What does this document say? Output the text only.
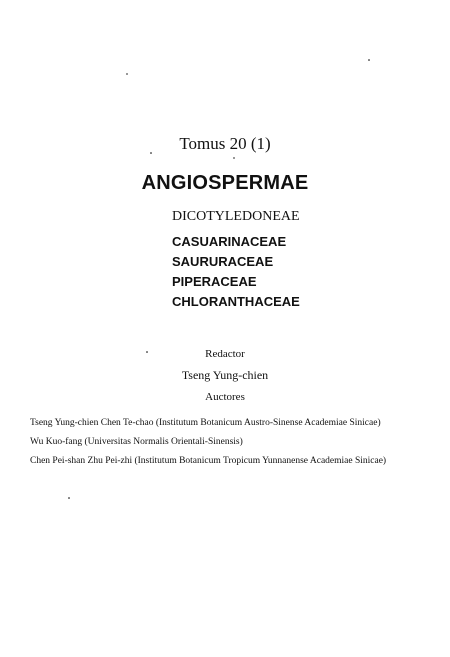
Tomus 20 (1)
ANGIOSPERMAE
DICOTYLEDONEAE
CASUARINACEAE
SAURURACEAE
PIPERACEAE
CHLORANTHACEAE
Redactor
Tseng Yung-chien
Auctores
Tseng Yung-chien Chen Te-chao (Institutum Botanicum Austro-Sinense Academiae Sinicae)
Wu Kuo-fang (Universitas Normalis Orientali-Sinensis)
Chen Pei-shan Zhu Pei-zhi (Institutum Botanicum Tropicum Yunnanense Academiae Sinicae)
